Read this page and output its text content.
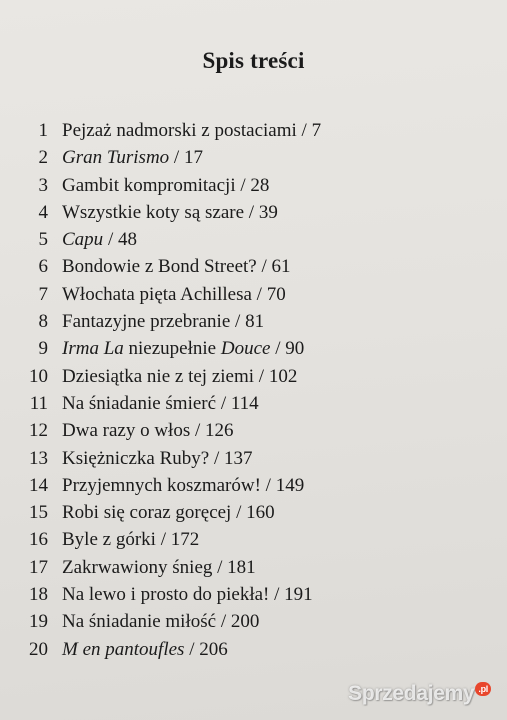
Spis treści
1 Pejzaż nadmorski z postaciami / 7
2 Gran Turismo / 17
3 Gambit kompromitacji / 28
4 Wszystkie koty są szare / 39
5 Capu / 48
6 Bondowie z Bond Street? / 61
7 Włochata pięta Achillesa / 70
8 Fantazyjne przebranie / 81
9 Irma La niezupełnie Douce / 90
10 Dziesiątka nie z tej ziemi / 102
11 Na śniadanie śmierć / 114
12 Dwa razy o włos / 126
13 Księżniczka Ruby? / 137
14 Przyjemnych koszmarów! / 149
15 Robi się coraz goręcej / 160
16 Byle z górki / 172
17 Zakrwawiony śnieg / 181
18 Na lewo i prosto do piekła! / 191
19 Na śniadanie miłość / 200
20 M en pantoufles / 206
Sprzedajemy .pl
